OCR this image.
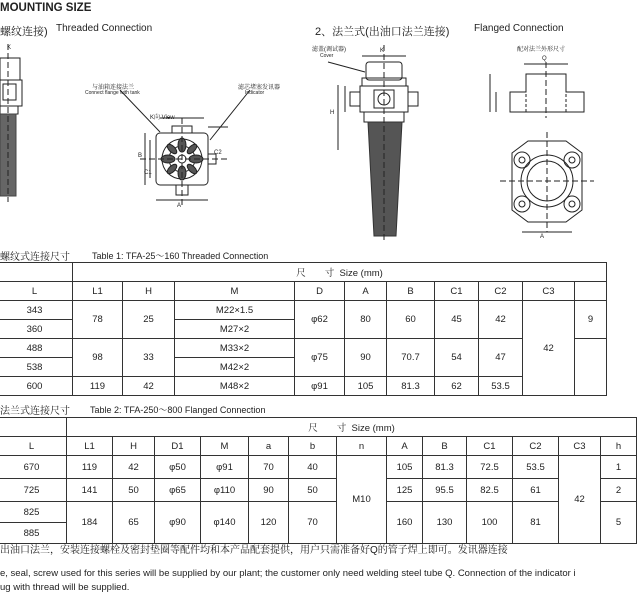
MOUNTING SIZE
螺纹连接) Threaded Connection	2、法兰式(出油口法兰连接) Flanged Connection
K
与油箱连接法兰
Connect flange with tank
K向 View
滤芯堵塞发讯器
Indicator
A
B
C1
C2
滤盖(调试器)
Cover
K
H
配对法兰外形尺寸
Q
A
螺纹式连接尺寸 Table 1: TFA-25～160 Threaded Connection
	尺　　寸 Size (mm)									
L	L1	H	M	D	A	B	C1	C2	C3	
343	78	25	M22×1.5	φ62	80	60	45	42	42	9
360			M27×2							
488	98	33	M33×2	φ75	90	70.7	54	47		
538			M42×2							
600	119	42	M48×2	φ91	105	81.3	62	53.5		
法兰式连接尺寸 Table 2: TFA-250～800 Flanged Connection
	尺　　寸 Size (mm)												
L	L1	H	D1	M	a	b	n	A	B	C1	C2	C3	h
670	119	42	φ50	φ91	70	40	M10	105	81.3	72.5	53.5	42	1
725	141	50	φ65	φ110	90	50		125	95.5	82.5	61		2
825	184	65	φ90	φ140	120	70		160	130	100	81		5
885													
出油口法兰，安装连接螺栓及密封垫圈等配件均和本产品配套提供，用户只需准备好Q的管子焊上即可。发讯器连接
e, seal, screw used for this series will be supplied by our plant; the customer only need welding steel tube Q. Connection of the indicator i
ug with thread will be supplied.
